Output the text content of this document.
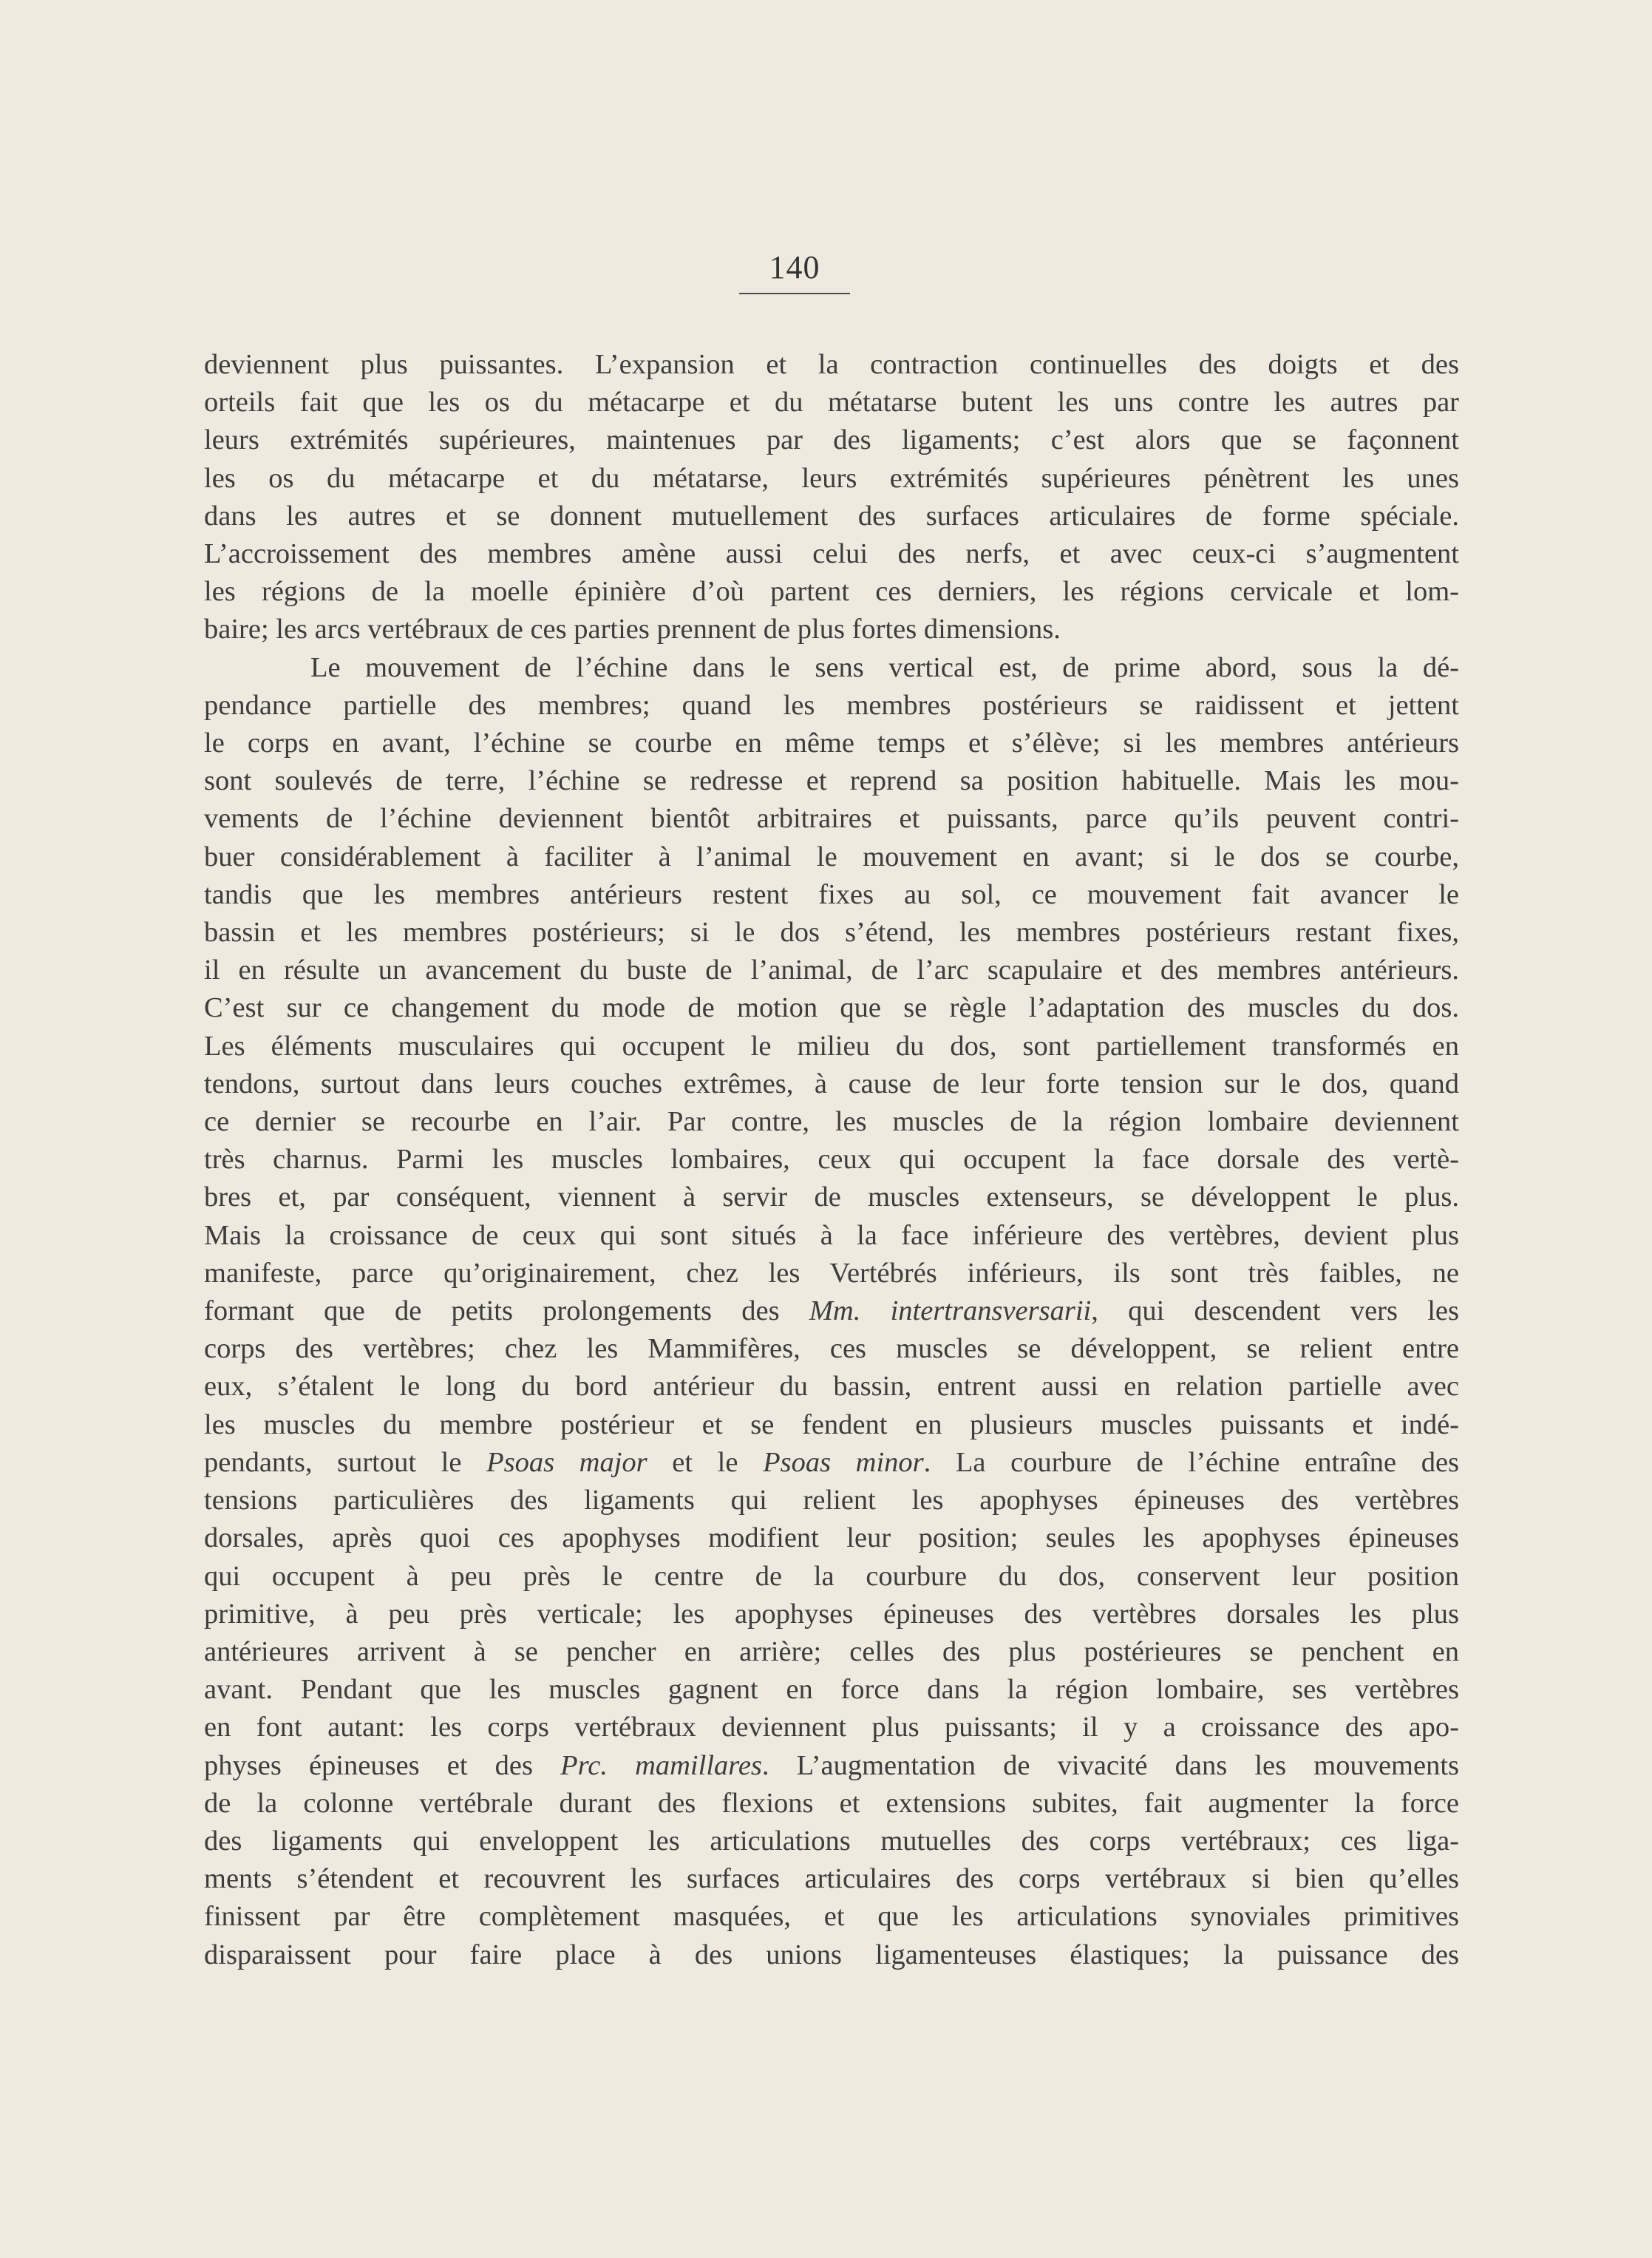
140
deviennent plus puissantes. L’expansion et la contraction continuelles des doigts et des
orteils fait que les os du métacarpe et du métatarse butent les uns contre les autres par
leurs extrémités supérieures, maintenues par des ligaments; c’est alors que se façonnent
les os du métacarpe et du métatarse, leurs extrémités supérieures pénètrent les unes
dans les autres et se donnent mutuellement des surfaces articulaires de forme spéciale.
L’accroissement des membres amène aussi celui des nerfs, et avec ceux-ci s’augmentent
les régions de la moelle épinière d’où partent ces derniers, les régions cervicale et lom-
baire; les arcs vertébraux de ces parties prennent de plus fortes dimensions.
Le mouvement de l’échine dans le sens vertical est, de prime abord, sous la dé-
pendance partielle des membres; quand les membres postérieurs se raidissent et jettent
le corps en avant, l’échine se courbe en même temps et s’élève; si les membres antérieurs
sont soulevés de terre, l’échine se redresse et reprend sa position habituelle. Mais les mou-
vements de l’échine deviennent bientôt arbitraires et puissants, parce qu’ils peuvent contri-
buer considérablement à faciliter à l’animal le mouvement en avant; si le dos se courbe,
tandis que les membres antérieurs restent fixes au sol, ce mouvement fait avancer le
bassin et les membres postérieurs; si le dos s’étend, les membres postérieurs restant fixes,
il en résulte un avancement du buste de l’animal, de l’arc scapulaire et des membres antérieurs.
C’est sur ce changement du mode de motion que se règle l’adaptation des muscles du dos.
Les éléments musculaires qui occupent le milieu du dos, sont partiellement transformés en
tendons, surtout dans leurs couches extrêmes, à cause de leur forte tension sur le dos, quand
ce dernier se recourbe en l’air. Par contre, les muscles de la région lombaire deviennent
très charnus. Parmi les muscles lombaires, ceux qui occupent la face dorsale des vertè-
bres et, par conséquent, viennent à servir de muscles extenseurs, se développent le plus.
Mais la croissance de ceux qui sont situés à la face inférieure des vertèbres, devient plus
manifeste, parce qu’originairement, chez les Vertébrés inférieurs, ils sont très faibles, ne
formant que de petits prolongements des Mm. intertransversarii, qui descendent vers les
corps des vertèbres; chez les Mammifères, ces muscles se développent, se relient entre
eux, s’étalent le long du bord antérieur du bassin, entrent aussi en relation partielle avec
les muscles du membre postérieur et se fendent en plusieurs muscles puissants et indé-
pendants, surtout le Psoas major et le Psoas minor. La courbure de l’échine entraîne des
tensions particulières des ligaments qui relient les apophyses épineuses des vertèbres
dorsales, après quoi ces apophyses modifient leur position; seules les apophyses épineuses
qui occupent à peu près le centre de la courbure du dos, conservent leur position
primitive, à peu près verticale; les apophyses épineuses des vertèbres dorsales les plus
antérieures arrivent à se pencher en arrière; celles des plus postérieures se penchent en
avant. Pendant que les muscles gagnent en force dans la région lombaire, ses vertèbres
en font autant: les corps vertébraux deviennent plus puissants; il y a croissance des apo-
physes épineuses et des Prc. mamillares. L’augmentation de vivacité dans les mouvements
de la colonne vertébrale durant des flexions et extensions subites, fait augmenter la force
des ligaments qui enveloppent les articulations mutuelles des corps vertébraux; ces liga-
ments s’étendent et recouvrent les surfaces articulaires des corps vertébraux si bien qu’elles
finissent par être complètement masquées, et que les articulations synoviales primitives
disparaissent pour faire place à des unions ligamenteuses élastiques; la puissance des
